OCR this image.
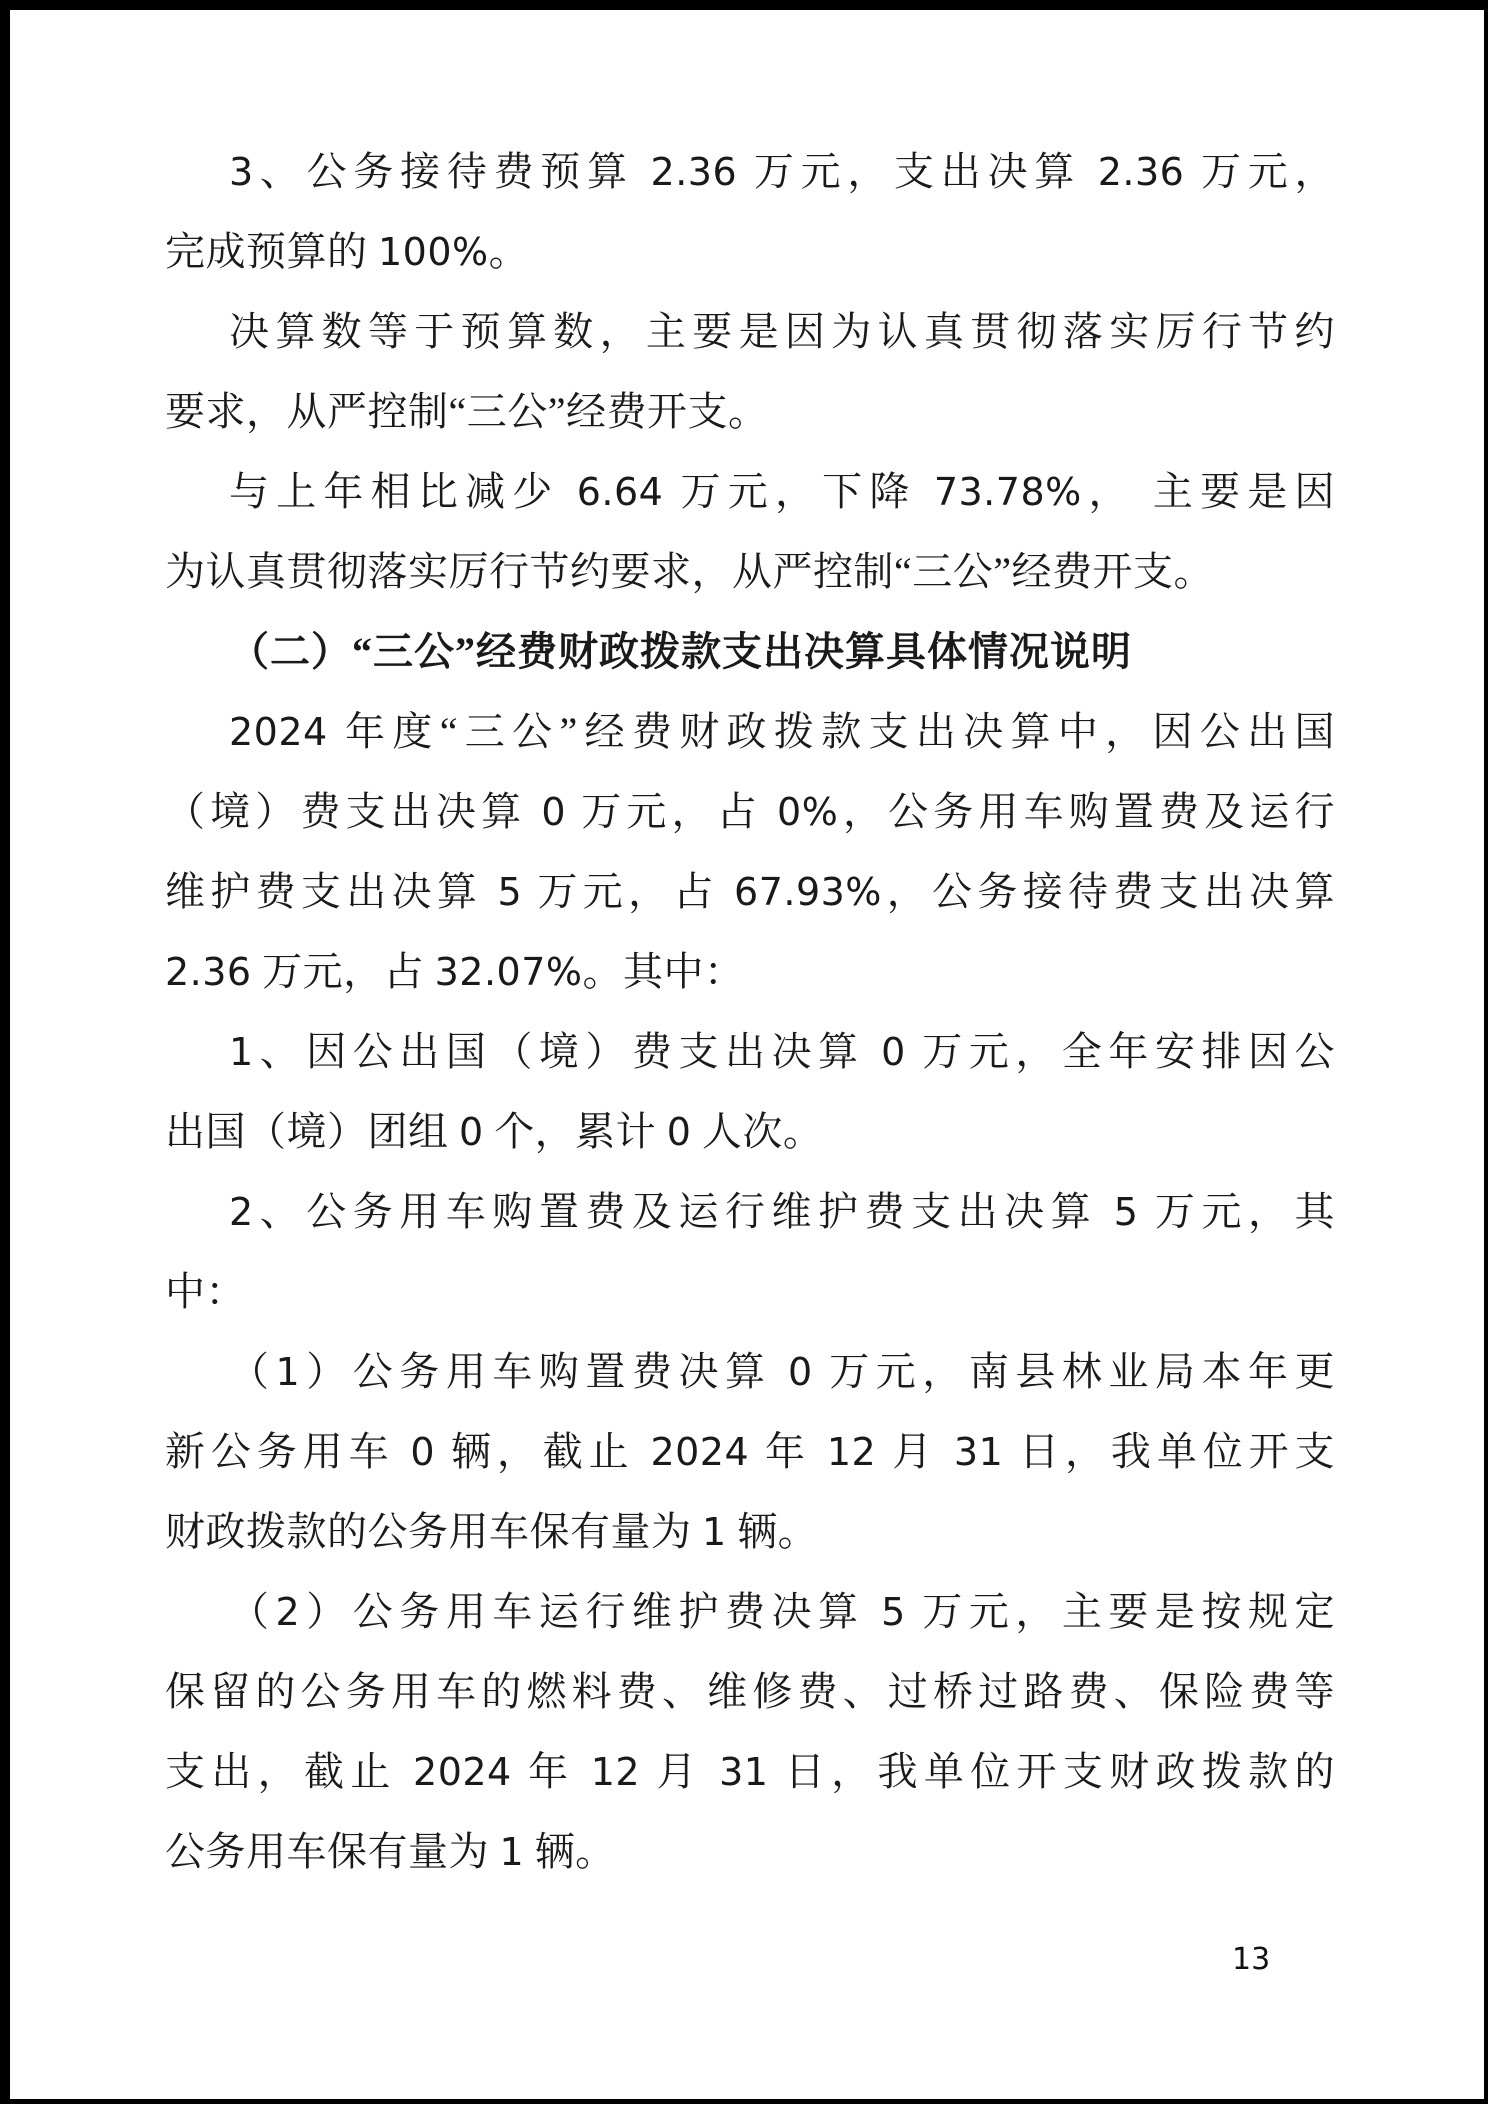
3、公务接待费预算 2.36 万元，支出决算 2.36 万元，
完成预算的 100%。
决算数等于预算数，主要是因为认真贯彻落实厉行节约
要求，从严控制“三公”经费开支。
与上年相比减少 6.64 万元，下降 73.78%， 主要是因
为认真贯彻落实厉行节约要求，从严控制“三公”经费开支。
（二）“三公”经费财政拨款支出决算具体情况说明
2024 年度“三公”经费财政拨款支出决算中，因公出国
（境）费支出决算 0 万元，占 0%，公务用车购置费及运行
维护费支出决算 5 万元，占 67.93%，公务接待费支出决算
2.36 万元，占 32.07%。其中：
1、因公出国（境）费支出决算 0 万元，全年安排因公
出国（境）团组 0 个，累计 0 人次。
2、公务用车购置费及运行维护费支出决算 5 万元，其
中：
（1）公务用车购置费决算 0 万元，南县林业局本年更
新公务用车 0 辆，截止 2024 年 12 月 31 日，我单位开支
财政拨款的公务用车保有量为 1 辆。
（2）公务用车运行维护费决算 5 万元，主要是按规定
保留的公务用车的燃料费、维修费、过桥过路费、保险费等
支出，截止 2024 年 12 月 31 日，我单位开支财政拨款的
公务用车保有量为 1 辆。
13
